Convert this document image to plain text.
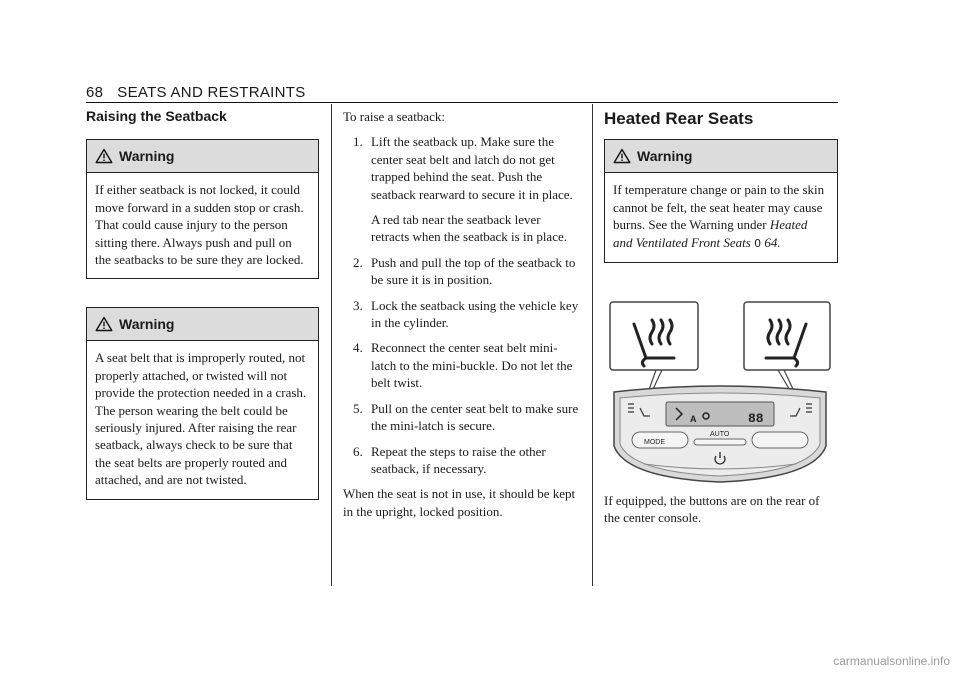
68 SEATS AND RESTRAINTS
Raising the Seatback
Warning
If either seatback is not locked, it could move forward in a sudden stop or crash. That could cause injury to the person sitting there. Always push and pull on the seatbacks to be sure they are locked.
Warning
A seat belt that is improperly routed, not properly attached, or twisted will not provide the protection needed in a crash. The person wearing the belt could be seriously injured. After raising the rear seatback, always check to be sure that the seat belts are properly routed and attached, and are not twisted.
To raise a seatback:
1. Lift the seatback up. Make sure the center seat belt and latch do not get trapped behind the seat. Push the seatback rearward to secure it in place.
A red tab near the seatback lever retracts when the seatback is in place.
2. Push and pull the top of the seatback to be sure it is in position.
3. Lock the seatback using the vehicle key in the cylinder.
4. Reconnect the center seat belt mini-latch to the mini-buckle. Do not let the belt twist.
5. Pull on the center seat belt to make sure the mini-latch is secure.
6. Repeat the steps to raise the other seatback, if necessary.
When the seat is not in use, it should be kept in the upright, locked position.
Heated Rear Seats
Warning
If temperature change or pain to the skin cannot be felt, the seat heater may cause burns. See the Warning under Heated and Ventilated Front Seats 0 64.
A	88
MODE
AUTO
If equipped, the buttons are on the rear of the center console.
carmanualsonline.info
